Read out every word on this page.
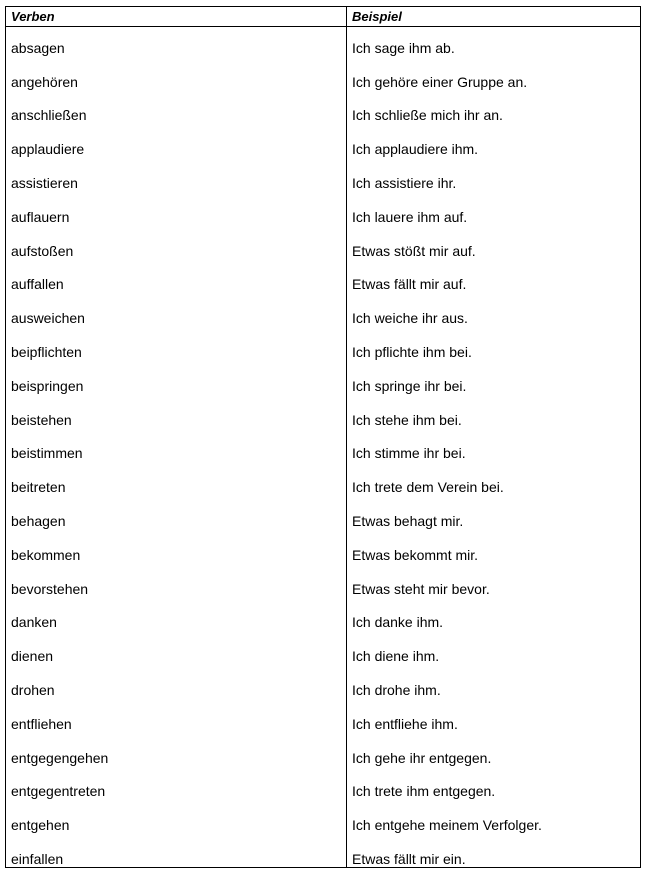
Verben	Beispiel
absagen	Ich sage ihm ab.
angehören	Ich gehöre einer Gruppe an.
anschließen	Ich schließe mich ihr an.
applaudiere	Ich applaudiere ihm.
assistieren	Ich assistiere ihr.
auflauern	Ich lauere ihm auf.
aufstoßen	Etwas stößt mir auf.
auffallen	Etwas fällt mir auf.
ausweichen	Ich weiche ihr aus.
beipflichten	Ich pflichte ihm bei.
beispringen	Ich springe ihr bei.
beistehen	Ich stehe ihm bei.
beistimmen	Ich stimme ihr bei.
beitreten	Ich trete dem Verein bei.
behagen	Etwas behagt mir.
bekommen	Etwas bekommt mir.
bevorstehen	Etwas steht mir bevor.
danken	Ich danke ihm.
dienen	Ich diene ihm.
drohen	Ich drohe ihm.
entfliehen	Ich entfliehe ihm.
entgegengehen	Ich gehe ihr entgegen.
entgegentreten	Ich trete ihm entgegen.
entgehen	Ich entgehe meinem Verfolger.
einfallen	Etwas fällt mir ein.
